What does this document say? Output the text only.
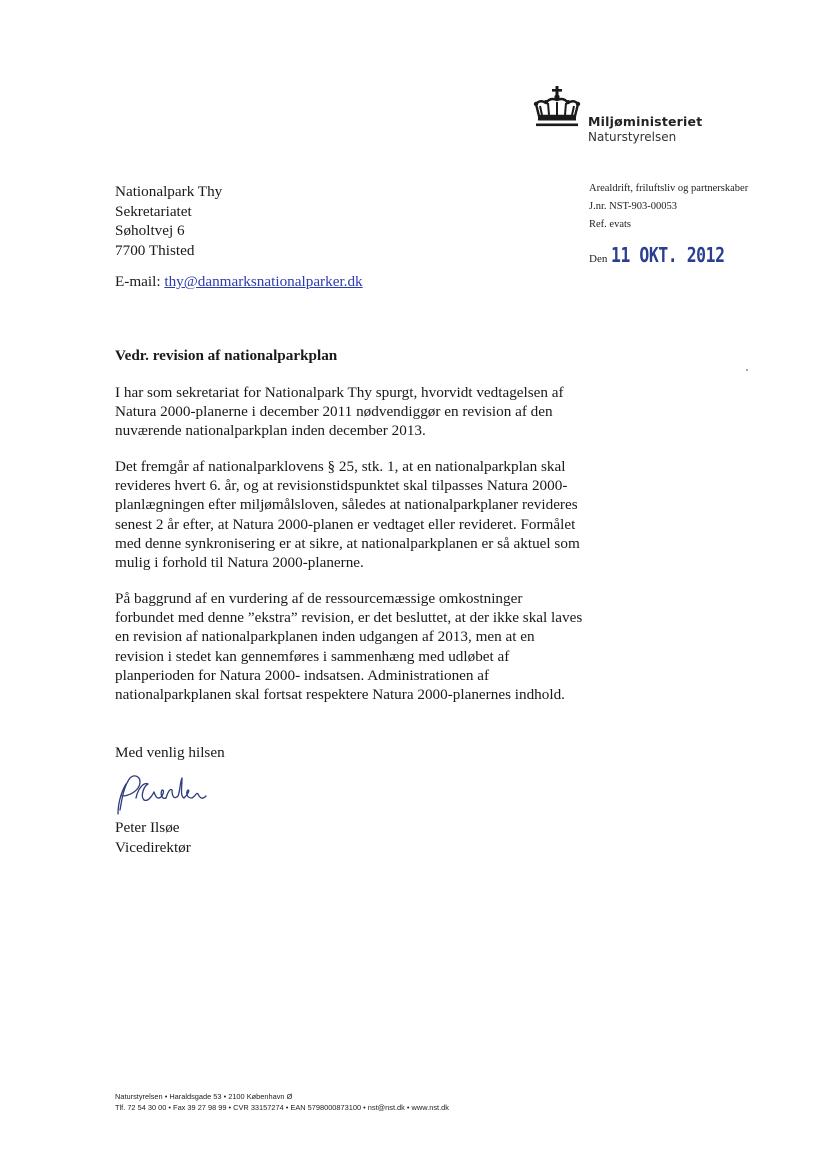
Miljøministeriet
Naturstyrelsen
Nationalpark Thy
Sekretariatet
Søholtvej 6
7700 Thisted
E-mail: thy@danmarksnationalparker.dk
Arealdrift, friluftsliv og partnerskaber
J.nr. NST-903-00053
Ref. evats
Den 11 OKT. 2012
Vedr. revision af nationalparkplan
I har som sekretariat for Nationalpark Thy spurgt, hvorvidt vedtagelsen af
Natura 2000-planerne i december 2011 nødvendiggør en revision af den
nuværende nationalparkplan inden december 2013.
Det fremgår af nationalparklovens § 25, stk. 1, at en nationalparkplan skal
revideres hvert 6. år, og at revisionstidspunktet skal tilpasses Natura 2000-
planlægningen efter miljømålsloven, således at nationalparkplaner revideres
senest 2 år efter, at Natura 2000-planen er vedtaget eller revideret. Formålet
med denne synkronisering er at sikre, at nationalparkplanen er så aktuel som
mulig i forhold til Natura 2000-planerne.
På baggrund af en vurdering af de ressourcemæssige omkostninger
forbundet med denne ”ekstra” revision, er det besluttet, at der ikke skal laves
en revision af nationalparkplanen inden udgangen af 2013, men at en
revision i stedet kan gennemføres i sammenhæng med udløbet af
planperioden for Natura 2000- indsatsen. Administrationen af
nationalparkplanen skal fortsat respektere Natura 2000-planernes indhold.
Med venlig hilsen
Peter Ilsøe
Vicedirektør
Naturstyrelsen • Haraldsgade 53 • 2100 København Ø
Tlf. 72 54 30 00 • Fax 39 27 98 99 • CVR 33157274 • EAN 5798000873100 • nst@nst.dk • www.nst.dk
